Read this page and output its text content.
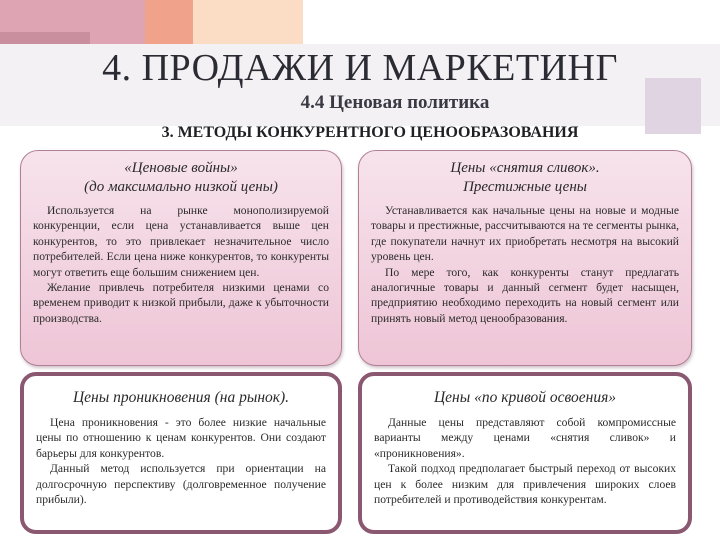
4. ПРОДАЖИ И МАРКЕТИНГ
4.4 Ценовая политика
3. МЕТОДЫ КОНКУРЕНТНОГО ЦЕНООБРАЗОВАНИЯ
«Ценовые войны»
(до максимально низкой цены)

Используется на рынке монополизируемой конкуренции, если цена устанавливается выше цен конкурентов, то это привлекает незначительное число потребителей. Если цена ниже конкурентов, то конкуренты могут ответить еще большим снижением цен.

Желание привлечь потребителя низкими ценами со временем приводит к низкой прибыли, даже к убыточности производства.

Цены «снятия сливок».
Престижные цены

Устанавливается как начальные цены на новые и модные товары и престижные, рассчитываются на те сегменты рынка, где покупатели начнут их приобретать несмотря на высокий уровень цен.

По мере того, как конкуренты станут предлагать аналогичные товары и данный сегмент будет насыщен, предприятию необходимо переходить на новый сегмент или принять новый метод ценообразования.

Цены проникновения (на рынок).

Цена проникновения - это более низкие начальные цены по отношению к ценам конкурентов. Они создают барьеры для конкурентов.

Данный метод используется при ориентации на долгосрочную перспективу (долговременное получение прибыли).

Цены «по кривой освоения»

Данные цены представляют собой компромиссные варианты между ценами «снятия сливок» и «проникновения».

Такой подход предполагает быстрый переход от высоких цен к более низким для привлечения широких слоев потребителей и противодействия конкурентам.
